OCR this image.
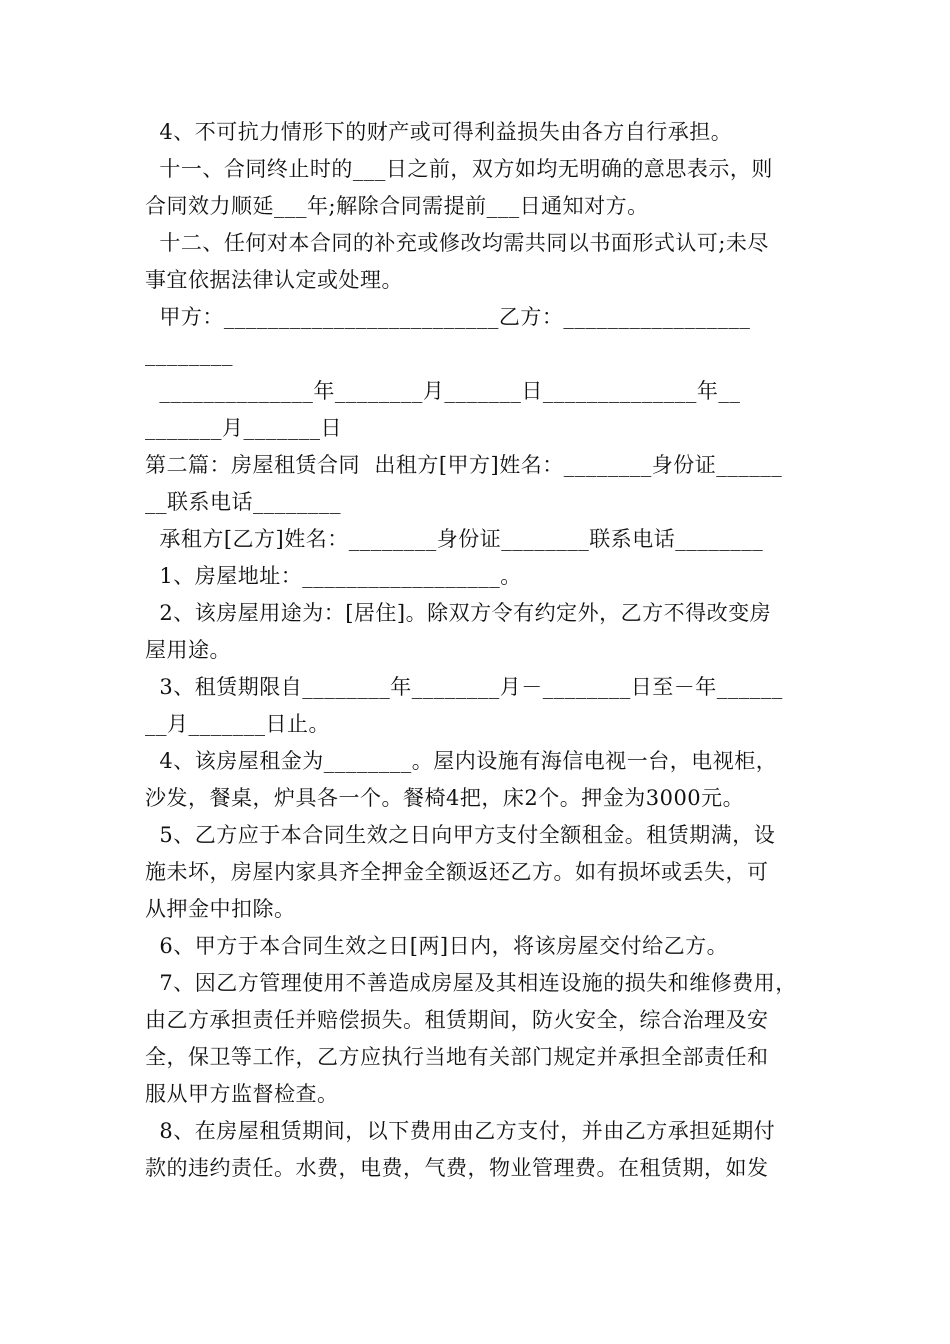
4、不可抗力情形下的财产或可得利益损失由各方自行承担。
十一、合同终止时的___日之前，双方如均无明确的意思表示，则
合同效力顺延___年;解除合同需提前___日通知对方。
十二、任何对本合同的补充或修改均需共同以书面形式认可;未尽
事宜依据法律认定或处理。
甲方：_________________________乙方：_________________
________
______________年________月_______日______________年__
_______月_______日
第二篇：房屋租赁合同  出租方[甲方]姓名：________身份证______
__联系电话________
承租方[乙方]姓名：________身份证________联系电话________
1、房屋地址：__________________。
2、该房屋用途为：[居住]。除双方令有约定外，乙方不得改变房
屋用途。
3、租赁期限自________年________月－________日至－年______
__月_______日止。
4、该房屋租金为________。屋内设施有海信电视一台，电视柜，
沙发，餐桌，炉具各一个。餐椅4把，床2个。押金为3000元。
5、乙方应于本合同生效之日向甲方支付全额租金。租赁期满，设
施未坏，房屋内家具齐全押金全额返还乙方。如有损坏或丢失，可
从押金中扣除。
6、甲方于本合同生效之日[两]日内，将该房屋交付给乙方。
7、因乙方管理使用不善造成房屋及其相连设施的损失和维修费用，
由乙方承担责任并赔偿损失。租赁期间，防火安全，综合治理及安
全，保卫等工作，乙方应执行当地有关部门规定并承担全部责任和
服从甲方监督检查。
8、在房屋租赁期间，以下费用由乙方支付，并由乙方承担延期付
款的违约责任。水费，电费，气费，物业管理费。在租赁期，如发
